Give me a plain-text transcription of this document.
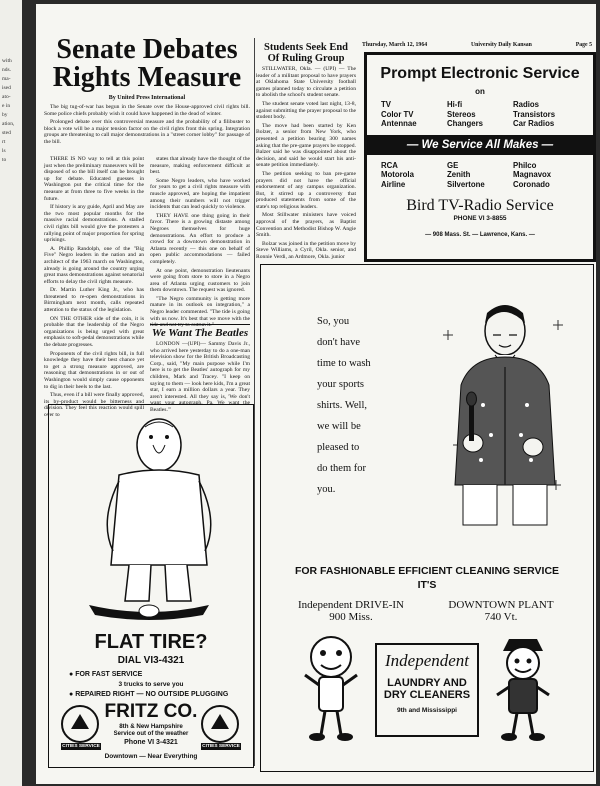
with
nds.
ma-
ised
ato-
e in
by
ation,
sted
rt
ls
to
Thursday, March 12, 1964	University Daily Kansan	Page 5
Senate Debates
Rights Measure
By United Press International

The big tug-of-war has begun in the Senate over the House-approved civil rights bill. Some police chiefs probably wish it could have happened in the dead of winter.

Prolonged debate over this controversial measure and the probability of a filibuster to block a vote will be a major tension factor on the civil rights front this spring. Integration groups are threatening to call major demonstrations in a "street corner lobby" for passage of the bill.

THERE IS NO way to tell at this point just when the preliminary maneuvers will be disposed of so the bill itself can be brought up for debate. Educated guesses in Washington put the critical time for the measure at from three to five weeks in the future.

If history is any guide, April and May are the two most popular months for the massive racial demonstrations. A stalled civil rights bill would give the protesters a rallying point of major proportion for spring uprisings.

A. Phillip Randolph, one of the "Big Five" Negro leaders in the nation and an architect of the 1963 march on Washington, already is going around the country urging great mass demonstrations against senatorial efforts to delay the civil rights measure.

Dr. Martin Luther King Jr., who has threatened to re-open demonstrations in Birmingham next month, calls repeated attention to the status of the legislation.

ON THE OTHER side of the coin, it is probable that the leadership of the Negro organizations is being urged with great emphasis to soft-pedal demonstrations while the debate progresses.

Proponents of the civil rights bill, in full knowledge they have their best chance yet to get a strong measure approved, are reasoning that demonstrations in or out of Washington would simply cause opponents to dig in their heels to the last.

Thus, even if a bill were finally approved, its by-product would be bitterness and division. They feel this reaction would spill over to

states that already have the thought of the measure, making enforcement difficult at best.

Some Negro leaders, who have worked for years to get a civil rights measure with muscle approved, are hoping the impatient among their numbers will not trigger incidents that can lead quickly to violence.

THEY HAVE one thing going in their favor. There is a growing distaste among Negroes themselves for huge demonstrations. An effort to produce a crowd for a downtown demonstration in Atlanta recently — this one on behalf of open public accommodations — failed completely.

At one point, demonstration lieutenants were going from store to store in a Negro area of Atlanta urging customers to join them downtown. The request was ignored.

"The Negro community is getting more mature in its outlook on integration," a Negro leader commented. "The tide is going with us now. It's best that we move with the tide and not try to outrun it."

We Want The Beatles

LONDON —(UPI)— Sammy Davis Jr., who arrived here yesterday to do a one-man television show for the British Broadcasting Corp., said, "My main purpose while I'm here is to get the Beatles' autograph for my children, Mark and Tracey. "I keep on saying to them — look here kids, I'm a great star, I earn a million dollars a year. They aren't interested. All they say is, 'We don't want your autograph, Pa. We want the Beatles.'"

Students Seek End
Of Ruling Group

STILLWATER, Okla. — (UPI) — The leader of a militant proposal to have prayers at Oklahoma State University football games planned today to circulate a petition to abolish the school's student senate.

The student senate voted last night, 13-8, against submitting the prayer proposal to the student body.

The move had been started by Ken Bolzer, a senior from New York, who presented a petition bearing 300 names asking that the pre-game prayers be stopped. Balzer said he was disappointed about the decision, and said he would start his anti-senate petition immediately.

The petition seeking to ban pre-game prayers did not have the official endorsement of any campus organization. But, it stirred up a controversy that produced statements from some of the state's top religious leaders.

Most Stillwater ministers have voiced approval of the prayers, as Baptist Convention and Methodist Bishop W. Angie Smith.

Bolzar was joined in the petition move by Steve Williams, a Cyril, Okla. senior, and Ronnie Verdi, an Ardmore, Okla. junior

Prompt Electronic Service
on
TV	Hi-fi	Radios
Color TV	Stereos	Transistors
Antennae	Changers	Car Radios
— We Service All Makes —
RCA	GE	Philco
Motorola	Zenith	Magnavox
Airline	Silvertone	Coronado
Bird TV-Radio Service
PHONE VI 3-8855
— 908 Mass. St. — Lawrence, Kans. —
So, you
don't have
time to wash
your sports
shirts. Well,
we will be
pleased to
do them for
you.
FOR FASHIONABLE EFFICIENT CLEANING SERVICE
IT'S
Independent DRIVE-IN
900 Miss.
DOWNTOWN PLANT
740 Vt.
Independent
LAUNDRY AND
DRY CLEANERS
9th and Mississippi
FLAT TIRE?
DIAL VI3-4321
● FOR FAST SERVICE
3 trucks to serve you
● REPAIRED RIGHT — NO OUTSIDE PLUGGING
CITIES SERVICE	CITIES SERVICE
FRITZ CO.
8th & New Hampshire
Service out of the weather
Phone VI 3-4321
Downtown — Near Everything
